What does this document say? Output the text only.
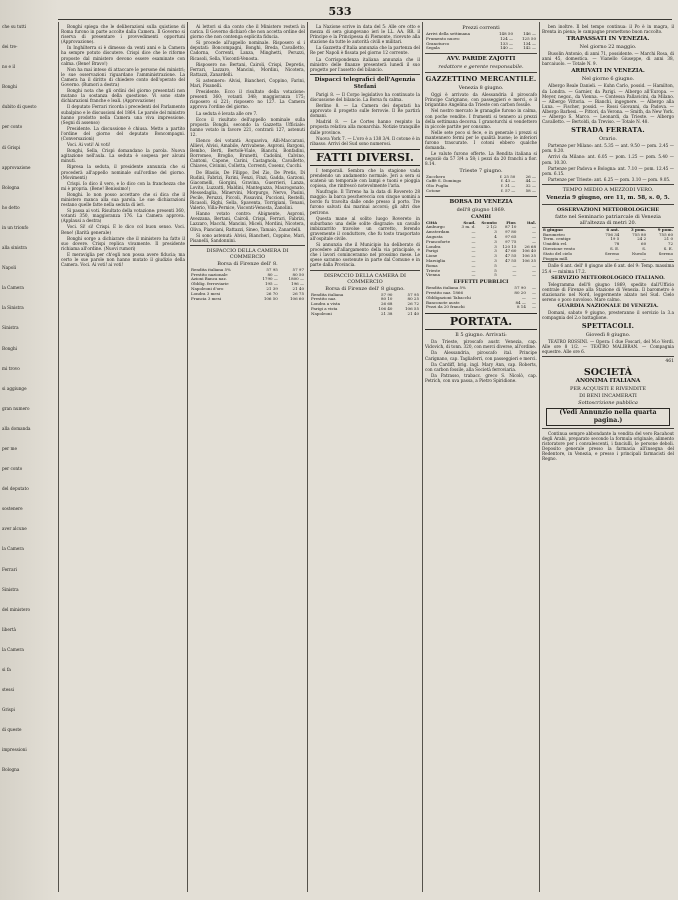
533
che su tutti
dei tre-
no e il
Bonghi
dubito di questo
per conto
di Grispi
approvazione
Bologna
ho detto
in un trionfo
alla sinistra
Napoli
la Camera
la Sinistra
Sinistra
Bonghi
mi trovo
si aggiunge
gran numero
alla domanda
per me
per conto
del deputato
sostenere
aver alcune
la Camera
Ferrari
Sinistra
del ministero
libertà
la Camera
si fa
stessi
Grispi
di queste
impressioni
Bologna

Bonghi spiega che le deliberazioni sulla quistione di Roma furono in parte accolte dalla Camera. Il Governo si riserva di presentare i provvedimenti opportuni (Approvazione).

In Inghilterra si è dimesso da venti anni e la Camera ha sempre potuto discutere. Crispi dice che le riforme proposte dal ministero devono essere esaminate con calma. (Bene! Bravo!)

Non ha mai inteso di attaccare le persone dei ministri; le sue osservazioni riguardano l'amministrazione. La Camera ha il diritto di chiedere conto dell'operato del Governo. (Rumori a destra)

Bonghi nota che gli ordini del giorno presentati non mutano la sostanza della questione. Vi sono state dichiarazioni franche e leali. (Approvazione)

Il deputato Ferrari ricorda i precedenti del Parlamento subalpino e le discussioni del 1864. Le parole del ministro hanno prodotto nella Camera una viva impressione. (Segni di assenso)

Presidente. La discussione è chiusa. Metto a partito l'ordine del giorno del deputato Boncompagni. (Conversazioni)

Voci. Ai voti! Ai voti!

Bonghi, Sella, Crispi domandano la parola. Nuova agitazione nell'aula. La seduta è sospesa per alcuni minuti.

Ripresa la seduta, il presidente annunzia che si procederà all'appello nominale sull'ordine del giorno. (Movimenti)

Crispi. Io dico il vero, e lo dico con la franchezza che mi è propria. (Bene! Benissimo!)

Bonghi. Io non posso accettare che si dica che il ministero manca alla sua parola. Le sue dichiarazioni restano quelle fatte nella seduta di ieri.

Si passa ai voti. Risultato della votazione: presenti 360, votanti 350, maggioranza 176. La Camera approva. (Applausi a destra)

Voci. Sì! sì! Crispi. E lo dico col buon senso. Voci. Bene! (Ilarità generale)

Bonghi sorge a dichiarare che il ministero ha fatto il suo dovere. Crispi replica vivamente. Il presidente richiama all'ordine. (Nuovi rumori)

E meraviglia per ch'egli non possa avere fiducia; ma certo le sue parole non hanno mutato il giudizio della Camera. Voci. Ai voti! ai voti!

Ai lettori si dia conto che il Ministero resterà in carica. Il Governo dichiarò che non accetta ordine del giorno che non contenga esplicita fiducia.

Si procede all'appello nominale. Risposero sì i deputati: Boncompagni, Bonghi, Breda, Cavalletto, Cadorna, Correnti, Lanza, Minghetti, Peruzzi, Ricasoli, Sella, Visconti-Venosta.

Risposero no: Bertani, Cairoli, Crispi, Depretis, Ferrari, Lazzaro, Mancini, Mordini, Nicotera, Rattazzi, Zanardelli.

Si astennero: Alvisi, Biancheri, Coppino, Farini, Mari, Pisanelli.

Presidente. Ecco il risultato della votazione: presenti 360; votanti 348; maggioranza 175; risposero sì 221; risposero no 127. La Camera approva l'ordine del giorno.

La seduta è levata alle ore 7.

Ecco il risultato dell'appello nominale sulla proposta Bonghi, secondo la Gazzetta Ufficiale: hanno votato in favore 221, contrarii 127, astenuti 12.

Elenco dei votanti: Acquaviva, Alli-Maccarani, Allievi, Alvisi, Amabile, Arrivabene, Asproni, Bargoni, Bembo, Berti, Bertolè-Viale, Bianchi, Bonfadini, Borromeo, Broglio, Brunetti, Cadolini, Calvino, Cantoni, Capone, Carini, Castagnola, Cavalletto, Chiaves, Civinini, Collotta, Correnti, Cosenz, Cucchi.

De Blasiis, De Filippo, Del Zio, De Pretis, Di Rudinì, Fabrizi, Farini, Fenzi, Finzi, Gadda, Garzoni, Giacomelli, Giorgini, Gravina, Guerrieri, Lanza, Lovito, Luzzatti, Maldini, Mantegazza, Maurogonato, Messedaglia, Minervini, Morpurgo, Nervo, Pasini, Pecile, Peruzzi, Piccoli, Pissavini, Puccioni, Restelli, Ricasoli, Righi, Sella, Spaventa, Torrigiani, Tenani, Valerio, Villa-Pernice, Visconti-Venosta, Zanolini.

Hanno votato contro: Abignente, Asproni, Avezzana, Bertani, Cairoli, Crispi, Ferrari, Fabrizi, Lazzaro, Macchi, Mancini, Miceli, Mordini, Nicotera, Oliva, Pianciani, Rattazzi, Sineo, Tamaio, Zanardelli.

Si sono astenuti: Alvisi, Biancheri, Coppino, Mari, Pisanelli, Sandonnini.

DISPACCIO DELLA CAMERA DI COMMERCIO
Borsa di Firenze dell' 8.
Rendita italiana 5%	57 95	57 97
Prestito nazionale	80 —	80 50
Azioni Banca naz.	1790 —	1800 —
Obblig. ferroviarie	195 —	196 —
Napoleoni d'oro	21 39	21 40
Londra 3 mesi	26 70	26 75
Francia 3 mesi	106 50	106 60

La Nazione scrive in data del 5: Alle ore otto e mezza di sera giungevano ieri le LL. AA. RR. il Principe e la Principessa di Piemonte, ricevute alla stazione da tutte le autorità civili e militari.

La Gazzetta d'Italia annunzia che la partenza del Re per Napoli è fissata pel giorno 12 corrente.

La Corrispondenza italiana annunzia che il ministro delle finanze presenterà lunedì il suo progetto per l'assetto del bilancio.

Dispacci telegrafici dell'Agenzia Stefani

Parigi 8. — Il Corpo legislativo ha continuato la discussione del bilancio. La Borsa fu calma.

Berlino 8. — La Camera dei deputati ha approvato il progetto sulle ferrovie. Il Re partirà domani.

Madrid 8. — Le Cortes hanno respinto la proposta relativa alla monarchia. Notizie tranquille dalle province.

Nuova York 7. — L'oro è a 138 3/4. Il cotone è in ribasso. Arrivi del Sud sono numerosi.

FATTI DIVERSI.

I temporali. Sembra che la stagione vada prendendo un andamento normale. Jeri a sera si scatenò un temporale con lampi e tuoni e pioggia copiosa, che rinfrescò notevolmente l'aria.

Naufragio. Il Tirreno ha la data di Rovereto 28 maggio: la barca peschereccia con cinque uomini a bordo fu travolta dalle onde presso il porto. Tre furono salvati dai marinai accorsi; gli altri due perirono.

Questa mane al solito luogo Rovereto in suburbano una delle solite disgrazie: un cavallo imbizzarrito travolse un carretto, ferendo gravemente il conduttore, che fu tosto trasportato all'ospitale civile.

Si annunzia che il Municipio ha deliberato di procedere all'allargamento della via principale, e che i lavori cominceranno nel prossimo mese. Le spese saranno sostenute in parte dal Comune e in parte dalla Provincia.

DISPACCIO DELLA CAMERA DI COMMERCIO
Borsa di Firenze dell' 8 giugno.
Rendita italiana	57 90	57 95
Prestito naz.	80 10	80 25
Londra a vista	26 68	26 72
Parigi a vista	106 40	106 55
Napoleoni	21 38	21 40
Prezzi correnti
Arrivi della settimana	148 50	146 —
Frumento nuovo	124 —	125 50
Granoturco	133 —	134 —
Segala	140 —	142 —
AVV. PARIDE ZAJOTTI
redattore e gerente responsabile.
GAZZETTINO MERCANTILE.
Venezia 8 giugno.

Oggi è arrivato da Alessandria il piroscafo Principe Carignano, con passeggieri e merci, e il brigantino Angelina da Trieste con carbon fossile.

Nel nostro mercato le granaglie furono in calma, con poche vendite. I frumenti si tennero ai prezzi della settimana decorsa. I granoturchi si vendettero in piccole partite per consumo.

Nelle sete poco si fece, e in generale i prezzi si mantennero fermi per le qualità buone; le inferiori furono trascurate. I cotoni ebbero qualche domanda.

Le valute furono offerte. La Rendita italiana si negoziò da 57 3/4 a 58; i pezzi da 20 franchi a fior. 8.14.

Trieste 7 giugno.
Zucchero	f. 25 50	26 —
Caffè S. Domingo	f. 43 —	44 —
Olio Puglia	f. 31 —	32 —
Cotone	f. 57 —	58 —
BORSA DI VENEZIA
dell'8 giugno 1869.
CAMBI
Città	Scad.	Sconto	Fior.	ital.
Amburgo	3 m. d.	2 1/2	87 10	—
Amsterdam	—	3	97 80	—
Augusta	—	4	97 65	—
Francoforte	—	3	97 75	—
Londra	—	3	120 15	26 68
Parigi	—	3	47 60	106 40
Lione	—	3	47 55	106 35
Marsiglia	—	3	47 55	106 35
Roma	—	5	—	—
Trieste	—	5	—	—
Vienna	—	5	—	—
EFFETTI PUBBLICI
Rendita italiana 5%	57 90	—
Prestito naz. 1866	80 20	—
Obbligazioni Tabacchi	—	—
Banconote austr.	84 —	—
Pezzi da 20 franchi	8 14	—
PORTATA.
Il 5 giugno. Arrivati:

Da Trieste, piroscafo austr. Venezia, cap. Vidovich, di tonn. 320, con merci diverse, all'ordine.

Da Alessandria, piroscafo ital. Principe Carignano, cap. Tagliaferri, con passeggieri e merci.

Da Cardiff, brig. ingl. Mary Ann, cap. Roberts, con carbon fossile, alla Società ferroviaria.

Da Patrasso, trabacc. greco S. Nicolò, cap. Petrich, con uva passa, a Pietro Spiridione.

ben inoltre. Il bel tempo continua: il Po è in magra, il Brenta in piena; le campagne promettono buon raccolto.

TRAPASSATI IN VENEZIA.
Nel giorno 22 maggio.

Busolin Antonio, di anni 71, possidente. — Marchi Rosa, di anni 45, domestica. — Vianello Giuseppe, di anni 38, barcaiuolo. — Totale N. 9.

ARRIVATI IN VENEZIA.
Nel giorno 6 giugno.

Albergo Reale Danieli. — Kuhn Carlo, possid. — Hamilton, da Londra. — Garnier, da Parigi. — Albergo all'Europa. — Meyer, negoz., da Vienna. — Contessa Pallavicini, da Milano. — Albergo Vittoria. — Bianchi, ingegnere. — Albergo alla Luna. — Fischer, possid. — Rossi Giovanni, da Padova. — Albergo Barbesi. — Pittori, da Verona. — Smith, da New York. — Albergo S. Marco. — Leonardi, da Trieste. — Albergo Cavalletto. — Bertoldi, da Treviso. — Totale N. 48.

STRADA FERRATA.
Orario.

Partenze per Milano: ant. 5.35 — ant. 9.50 — pom. 2.45 — pom. 8.20.

Arrivi da Milano: ant. 6.05 — pom. 1.25 — pom. 5.40 — pom. 10.30.

Partenze per Padova e Bologna: ant. 7.10 — pom. 12.45 — pom. 6.15.

Partenze per Trieste: ant. 6.25 — pom. 3.10 — pom. 9.05.

TEMPO MEDIO A MEZZODI VERO.
Venezia 9 giugno, ore 11, m. 58, s. 0, 5.
OSSERVAZIONI METEOROLOGICHE
fatte nel Seminario patriarcale di Venezia all'altezza di metri 20.
8 giugno	6 ant.	3 pom.	9 pom.
Barometro	756 34	755 80	755 60
Term. centigr.	19 5	24 2	21 0
Umidità rel.	78	60	72
Direzione vento	S. E.	S.	S. E.
Stato del cielo	Sereno	Nuvolo	Sereno
Pioggia mill.	—	—	—

Dalle 6 ant. dell' 8 giugno alle 6 ant. del 9: Temp. massima 25.4 — minima 17.2.

SERVIZIO METEOROLOGICO ITALIANO.

Telegramma dell'8 giugno 1869, spedito dall'Ufficio centrale di Firenze alla Stazione di Venezia. Il barometro è stazionario nel Nord, leggermente alzato nel Sud. Cielo sereno o poco nuvoloso. Mare calmo.

GUARDIA NAZIONALE DI VENEZIA.

Domani, sabato 9 giugno, presteranno il servizio la 3.a compagnia del 2.o battaglione.

SPETTACOLI.
Giovedì 8 giugno.

TEATRO ROSSINI. — Opera: I due Foscari, del M.o Verdi. Alle ore 8 1/2. — TEATRO MALIBRAN. — Compagnia equestre. Alle ore 6.

461
SOCIETÀ
ANONIMA ITALIANA
PER ACQUISTI E RIVENDITE
DI BENI INCAMERATI
Sottoscrizione pubblica
(Vedi Annunzio nella quarta pagina.)

Continua sempre abbondante la vendita del vero Racahout degli Arabi, preparato secondo la formula originale, alimento ristoratore per i convalescenti, i fanciulli, le persone deboli. Deposito generale presso la farmacia all'insegna del Redentore, in Venezia, e presso i principali farmacisti del Regno.
